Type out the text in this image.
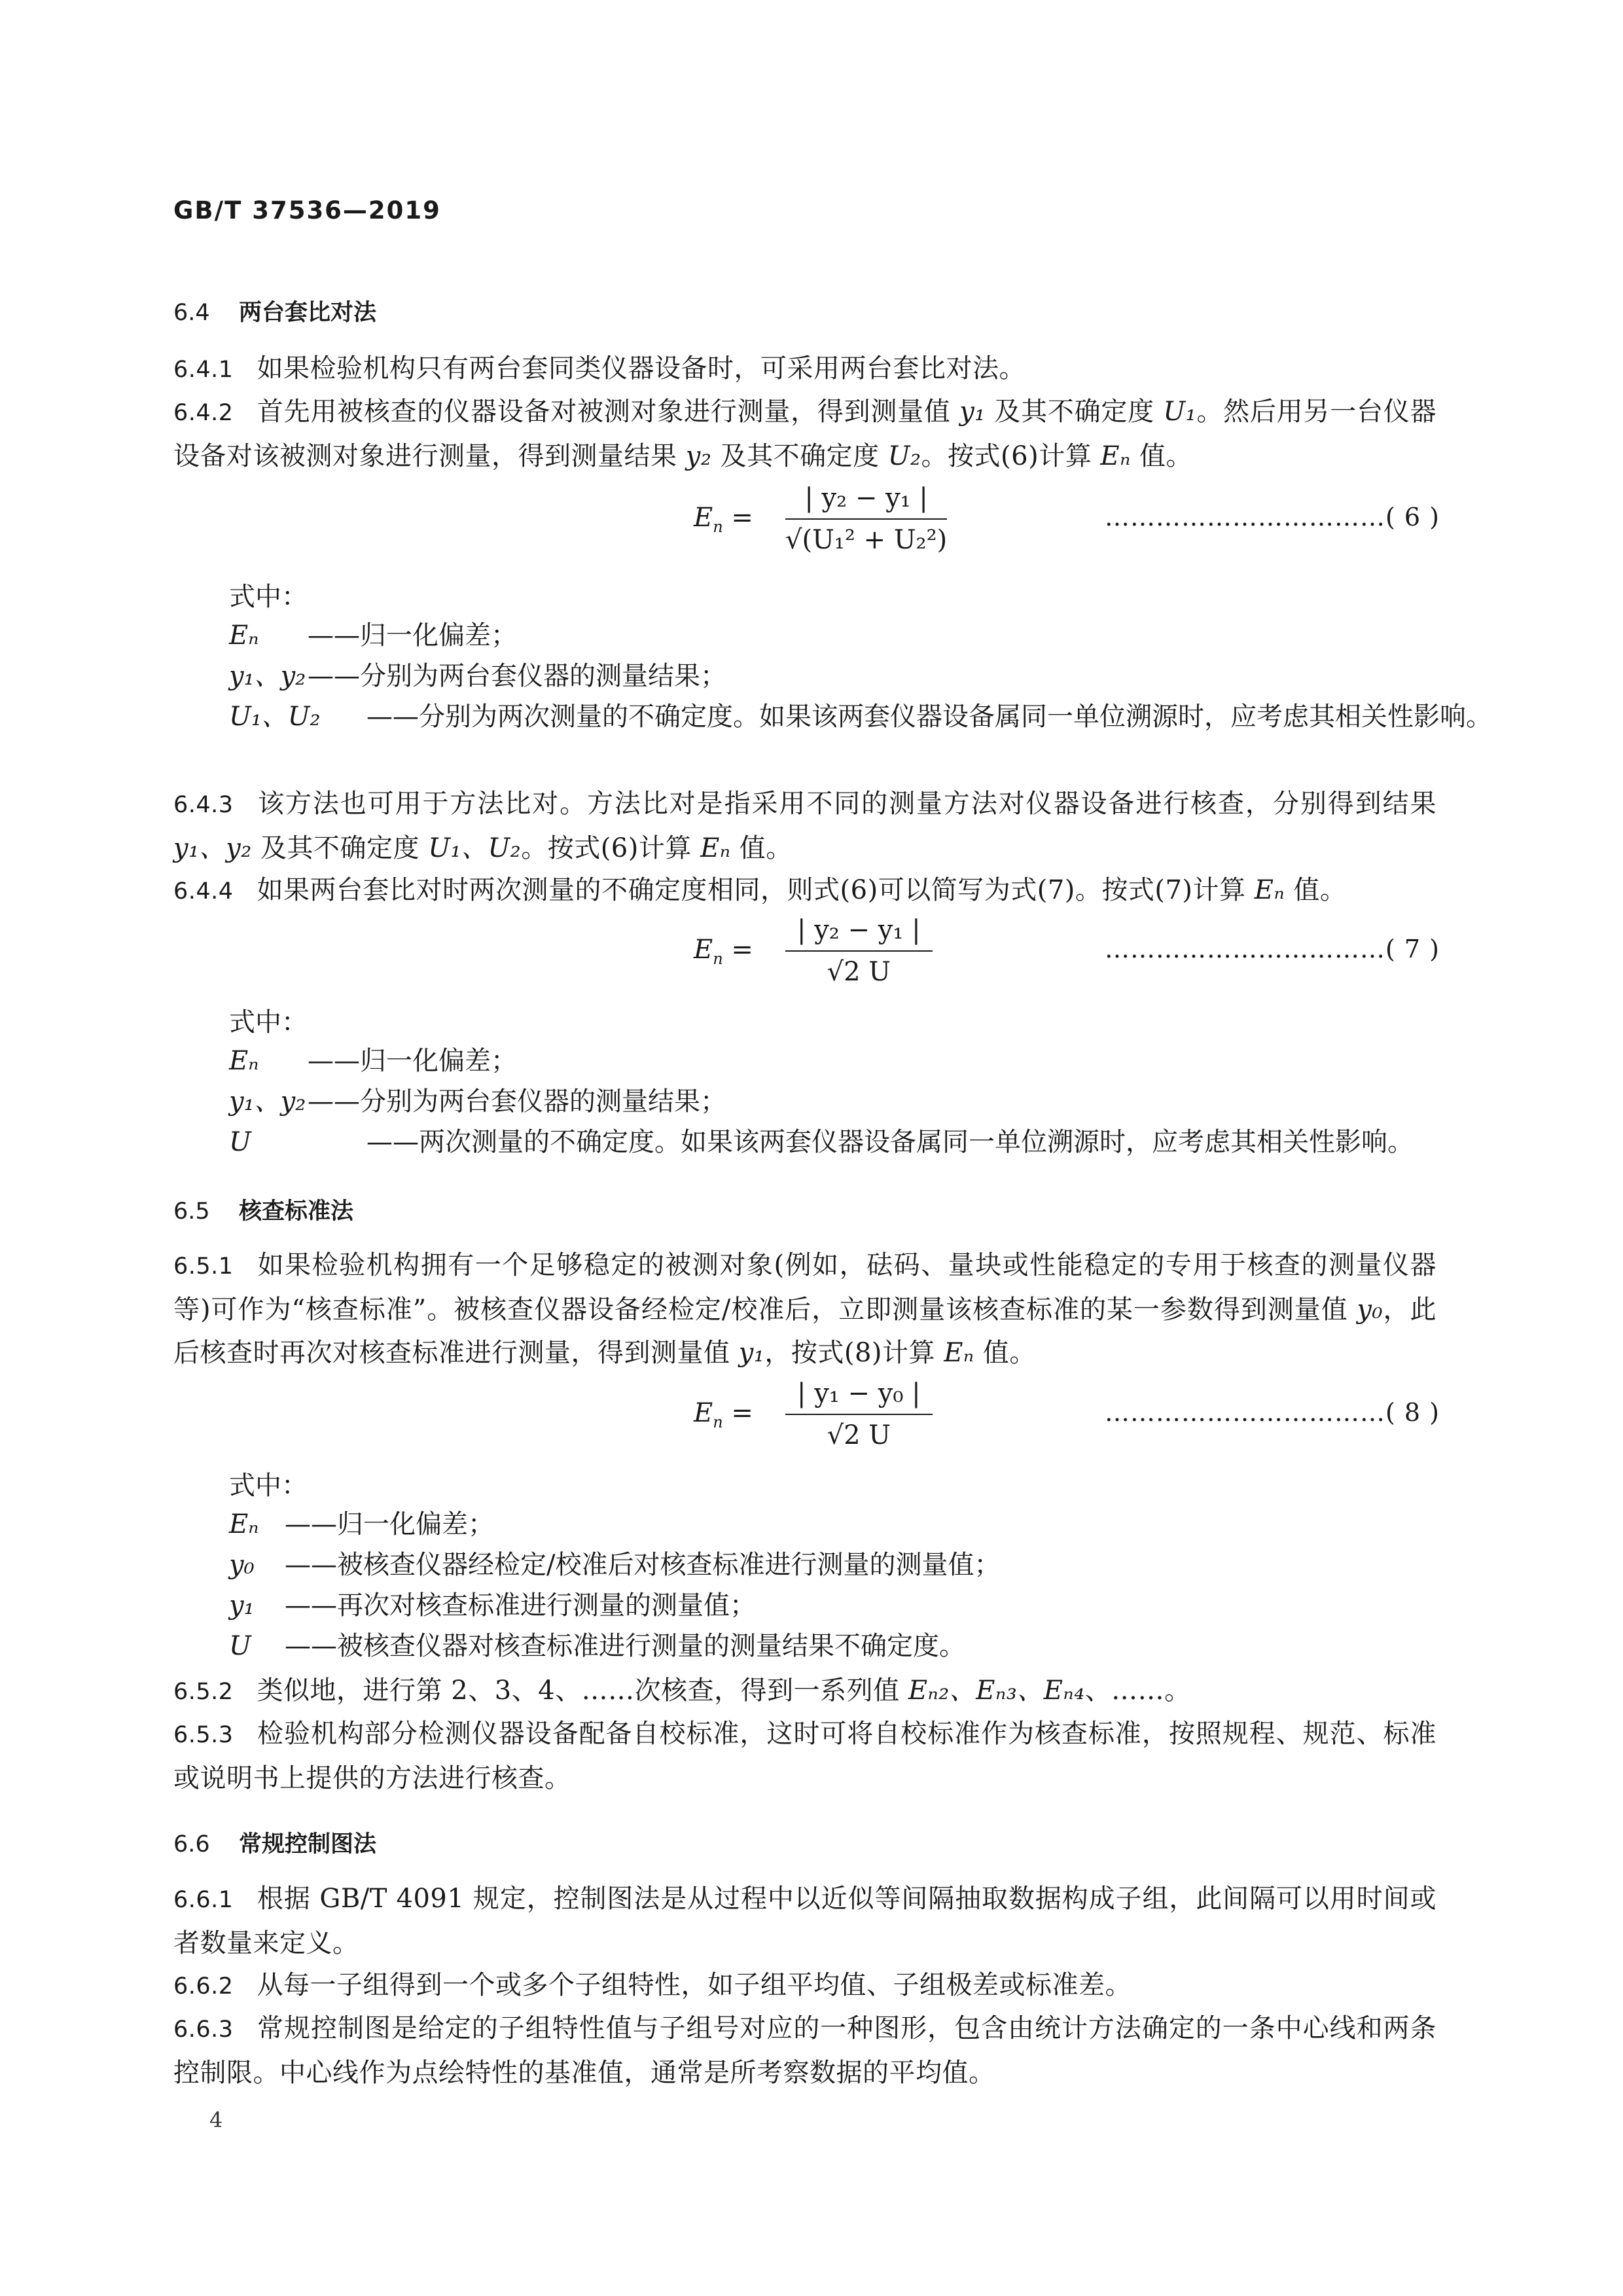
GB/T 37536—2019

6.4 两台套比对法

6.4.1 如果检验机构只有两台套同类仪器设备时，可采用两台套比对法。

6.4.2 首先用被核查的仪器设备对被测对象进行测量，得到测量值 y₁ 及其不确定度 U₁。然后用另一台仪器设备对该被测对象进行测量，得到测量结果 y₂ 及其不确定度 U₂。按式(6)计算 Eₙ 值。

$E_n = \frac{\text{| y₂ − y₁ |}}{\text{√(U₁² + U₂²)}}$	……………………………( 6 )

式中：

Eₙ ——归一化偏差；

y₁、y₂——分别为两台套仪器的测量结果；

U₁、U₂ ——分别为两次测量的不确定度。如果该两套仪器设备属同一单位溯源时，应考虑其相关性影响。

6.4.3 该方法也可用于方法比对。方法比对是指采用不同的测量方法对仪器设备进行核查，分别得到结果 y₁、y₂ 及其不确定度 U₁、U₂。按式(6)计算 Eₙ 值。

6.4.4 如果两台套比对时两次测量的不确定度相同，则式(6)可以简写为式(7)。按式(7)计算 Eₙ 值。

$E_n = \frac{\text{| y₂ − y₁ |}}{√2 U}$	……………………………( 7 )

式中：

Eₙ ——归一化偏差；

y₁、y₂——分别为两台套仪器的测量结果；

U	——两次测量的不确定度。如果该两套仪器设备属同一单位溯源时，应考虑其相关性影响。

6.5 核查标准法

6.5.1 如果检验机构拥有一个足够稳定的被测对象(例如，砝码、量块或性能稳定的专用于核查的测量仪器等)可作为“核查标准”。被核查仪器设备经检定/校准后，立即测量该核查标准的某一参数得到测量值 y₀，此后核查时再次对核查标准进行测量，得到测量值 y₁，按式(8)计算 Eₙ 值。

$E_n = \frac{\text{| y₁ − y₀ |}}{√2 U}$	……………………………( 8 )

式中：

Eₙ ——归一化偏差；

y₀ ——被核查仪器经检定/校准后对核查标准进行测量的测量值；

y₁ ——再次对核查标准进行测量的测量值；

U ——被核查仪器对核查标准进行测量的测量结果不确定度。

6.5.2 类似地，进行第 2、3、4、……次核查，得到一系列值 Eₙ₂、Eₙ₃、Eₙ₄、……。

6.5.3 检验机构部分检测仪器设备配备自校标准，这时可将自校标准作为核查标准，按照规程、规范、标准或说明书上提供的方法进行核查。

6.6 常规控制图法

6.6.1 根据 GB/T 4091 规定，控制图法是从过程中以近似等间隔抽取数据构成子组，此间隔可以用时间或者数量来定义。

6.6.2 从每一子组得到一个或多个子组特性，如子组平均值、子组极差或标准差。

6.6.3 常规控制图是给定的子组特性值与子组号对应的一种图形，包含由统计方法确定的一条中心线和两条控制限。中心线作为点绘特性的基准值，通常是所考察数据的平均值。

4
